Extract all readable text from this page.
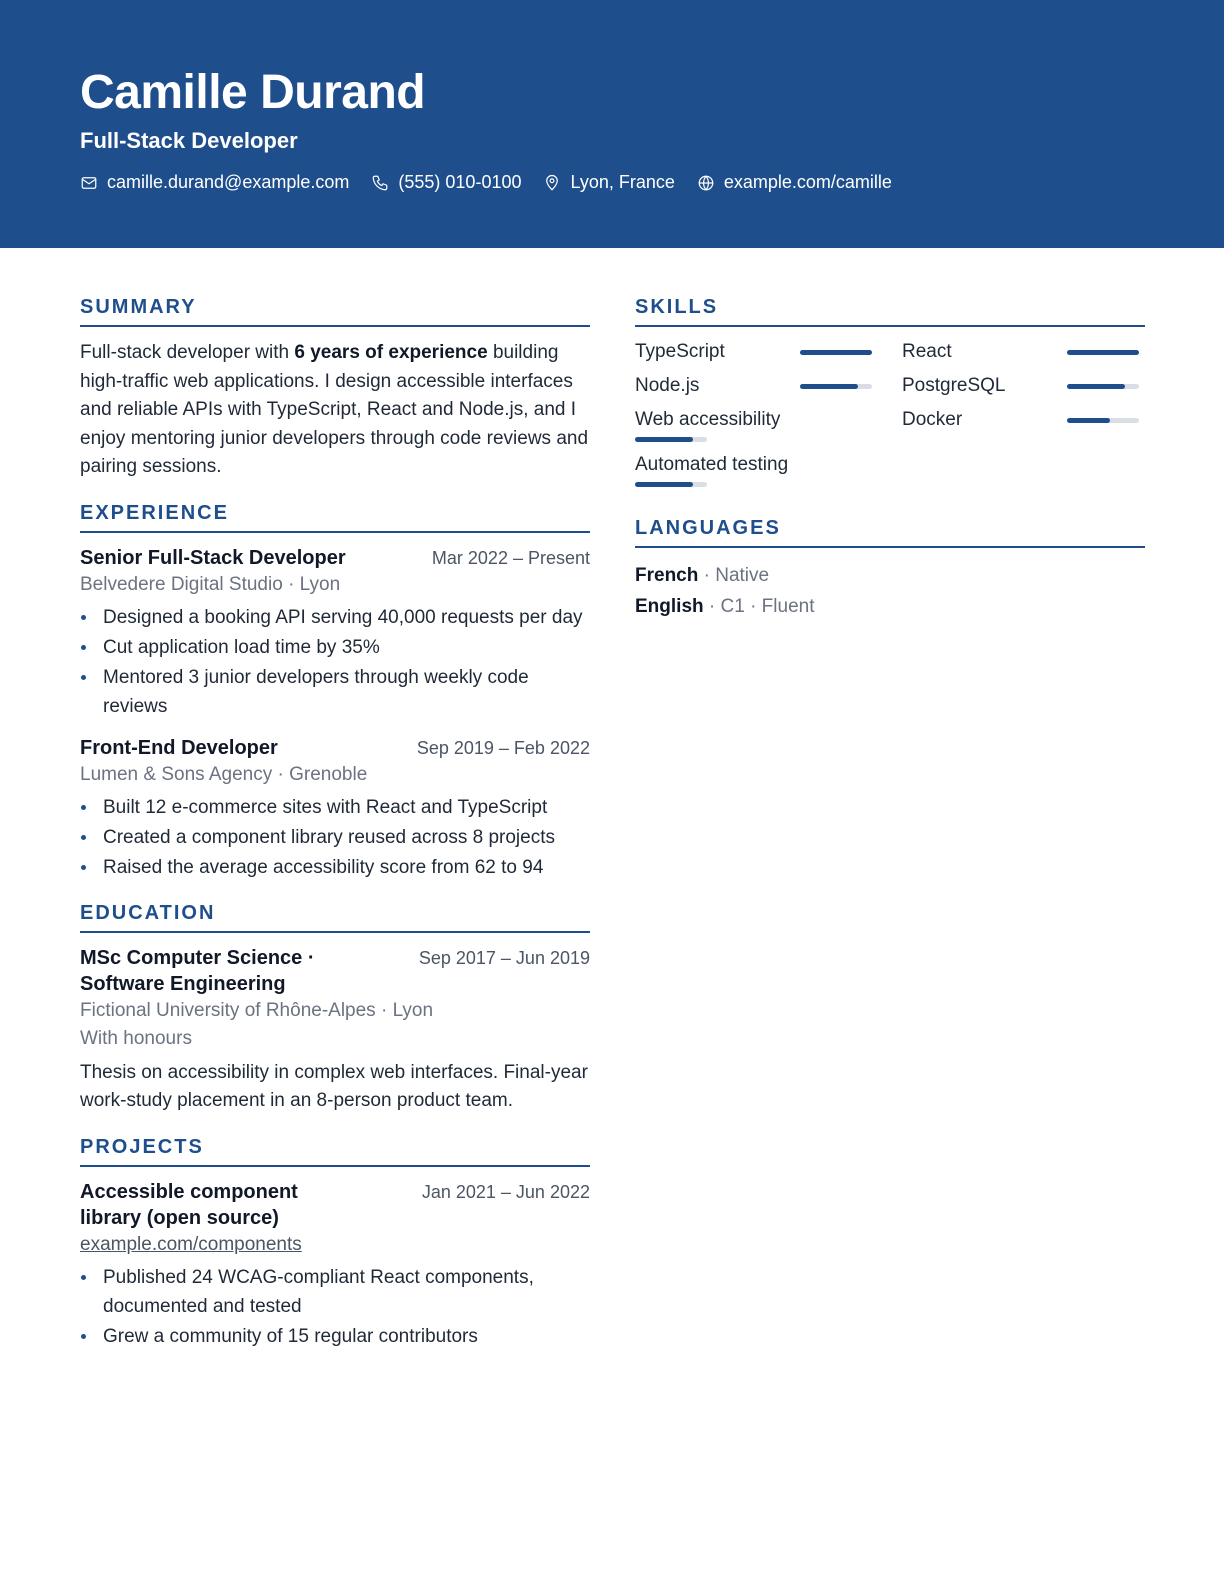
Camille Durand
Full-Stack Developer
camille.durand@example.com	(555) 010-0100	Lyon, France	example.com/camille
SUMMARY

Full-stack developer with 6 years of experience building high-traffic web applications. I design accessible interfaces and reliable APIs with TypeScript, React and Node.js, and I enjoy mentoring junior developers through code reviews and pairing sessions.

EXPERIENCE
Senior Full-Stack Developer	Mar 2022 – Present
Belvedere Digital Studio · Lyon
Designed a booking API serving 40,000 requests per day
Cut application load time by 35%
Mentored 3 junior developers through weekly code reviews
Front-End Developer	Sep 2019 – Feb 2022
Lumen & Sons Agency · Grenoble
Built 12 e-commerce sites with React and TypeScript
Created a component library reused across 8 projects
Raised the average accessibility score from 62 to 94
EDUCATION
MSc Computer Science · Software Engineering
Sep 2017 – Jun 2019
Fictional University of Rhône-Alpes · Lyon
With honours

Thesis on accessibility in complex web interfaces. Final-year work-study placement in an 8-person product team.

PROJECTS
Accessible component library (open source)
Jan 2021 – Jun 2022
example.com/components
Published 24 WCAG-compliant React components, documented and tested
Grew a community of 15 regular contributors
SKILLS
TypeScript
Node.js
Web accessibility
Automated testing
React
PostgreSQL
Docker
LANGUAGES
French · Native
English · C1 · Fluent
